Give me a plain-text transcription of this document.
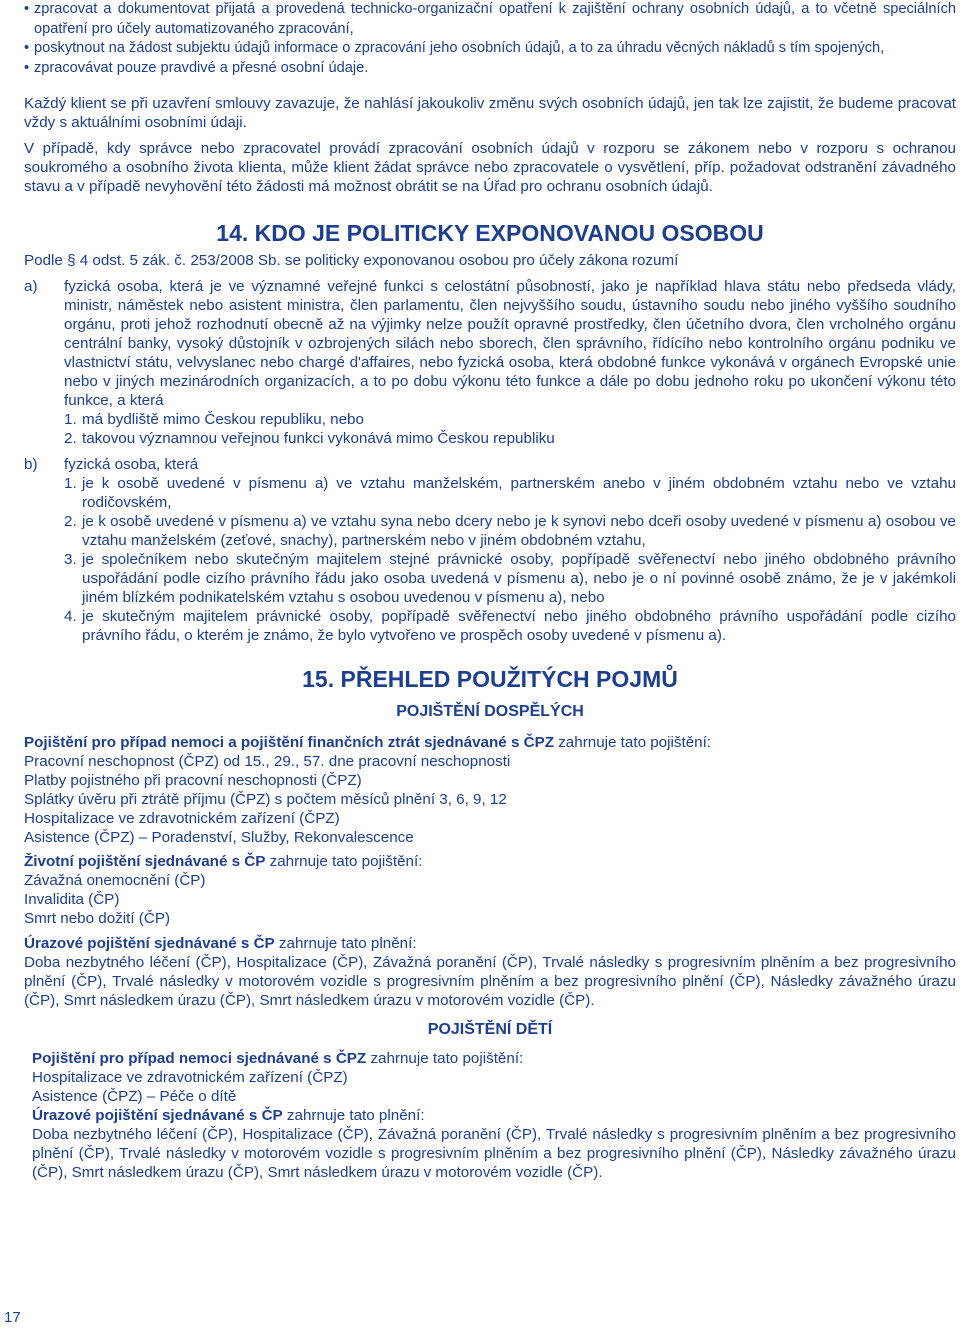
• zpracovat a dokumentovat přijatá a provedená technicko-organizační opatření k zajištění ochrany osobních údajů, a to včetně speciálních opatření pro účely automatizovaného zpracování,
• poskytnout na žádost subjektu údajů informace o zpracování jeho osobních údajů, a to za úhradu věcných nákladů s tím spojených,
• zpracovávat pouze pravdivé a přesné osobní údaje.

Každý klient se při uzavření smlouvy zavazuje, že nahlásí jakoukoliv změnu svých osobních údajů, jen tak lze zajistit, že budeme pracovat vždy s aktuálními osobními údaji.

V případě, kdy správce nebo zpracovatel provádí zpracování osobních údajů v rozporu se zákonem nebo v rozporu s ochranou soukromého a osobního života klienta, může klient žádat správce nebo zpracovatele o vysvětlení, příp. požadovat odstranění závadného stavu a v případě nevyhovění této žádosti má možnost obrátit se na Úřad pro ochranu osobních údajů.

14. KDO JE POLITICKY EXPONOVANOU OSOBOU

Podle § 4 odst. 5 zák. č. 253/2008 Sb. se politicky exponovanou osobou pro účely zákona rozumí

a) fyzická osoba, která je ve významné veřejné funkci s celostátní působností, jako je například hlava státu nebo předseda vlády, ministr, náměstek nebo asistent ministra, člen parlamentu, člen nejvyššího soudu, ústavního soudu nebo jiného vyššího soudního orgánu, proti jehož rozhodnutí obecně až na výjimky nelze použít opravné prostředky, člen účetního dvora, člen vrcholného orgánu centrální banky, vysoký důstojník v ozbrojených silách nebo sborech, člen správního, řídícího nebo kontrolního orgánu podniku ve vlastnictví státu, velvyslanec nebo chargé d'affaires, nebo fyzická osoba, která obdobné funkce vykonává v orgánech Evropské unie nebo v jiných mezinárodních organizacích, a to po dobu výkonu této funkce a dále po dobu jednoho roku po ukončení výkonu této funkce, a která

1. má bydliště mimo Českou republiku, nebo
2. takovou významnou veřejnou funkci vykonává mimo Českou republiku
b) fyzická osoba, která

1. je k osobě uvedené v písmenu a) ve vztahu manželském, partnerském anebo v jiném obdobném vztahu nebo ve vztahu rodičovském,
2. je k osobě uvedené v písmenu a) ve vztahu syna nebo dcery nebo je k synovi nebo dceři osoby uvedené v písmenu a) osobou ve vztahu manželském (zeťové, snachy), partnerském nebo v jiném obdobném vztahu,
3. je společníkem nebo skutečným majitelem stejné právnické osoby, popřípadě svěřenectví nebo jiného obdobného právního uspořádání podle cizího právního řádu jako osoba uvedená v písmenu a), nebo je o ní povinné osobě známo, že je v jakémkoli jiném blízkém podnikatelském vztahu s osobou uvedenou v písmenu a), nebo
4. je skutečným majitelem právnické osoby, popřípadě svěřenectví nebo jiného obdobného právního uspořádání podle cizího právního řádu, o kterém je známo, že bylo vytvořeno ve prospěch osoby uvedené v písmenu a).
15. PŘEHLED POUŽITÝCH POJMŮ
POJIŠTĚNÍ DOSPĚLÝCH

Pojištění pro případ nemoci a pojištění finančních ztrát sjednávané s ČPZ zahrnuje tato pojištění:

Pracovní neschopnost (ČPZ) od 15., 29., 57. dne pracovní neschopnosti

Platby pojistného při pracovní neschopnosti (ČPZ)

Splátky úvěru při ztrátě příjmu (ČPZ) s počtem měsíců plnění 3, 6, 9, 12

Hospitalizace ve zdravotnickém zařízení (ČPZ)

Asistence (ČPZ) – Poradenství, Služby, Rekonvalescence

Životní pojištění sjednávané s ČP zahrnuje tato pojištění:

Závažná onemocnění (ČP)

Invalidita (ČP)

Smrt nebo dožití (ČP)

Úrazové pojištění sjednávané s ČP zahrnuje tato plnění:

Doba nezbytného léčení (ČP), Hospitalizace (ČP), Závažná poranění (ČP), Trvalé následky s progresivním plněním a bez progresivního plnění (ČP), Trvalé následky v motorovém vozidle s progresivním plněním a bez progresivního plnění (ČP), Následky závažného úrazu (ČP), Smrt následkem úrazu (ČP), Smrt následkem úrazu v motorovém vozidle (ČP).

POJIŠTĚNÍ DĚTÍ

Pojištění pro případ nemoci sjednávané s ČPZ zahrnuje tato pojištění:

Hospitalizace ve zdravotnickém zařízení (ČPZ)

Asistence (ČPZ) – Péče o dítě

Úrazové pojištění sjednávané s ČP zahrnuje tato plnění:

Doba nezbytného léčení (ČP), Hospitalizace (ČP), Závažná poranění (ČP), Trvalé následky s progresivním plněním a bez progresivního plnění (ČP), Trvalé následky v motorovém vozidle s progresivním plněním a bez progresivního plnění (ČP), Následky závažného úrazu (ČP), Smrt následkem úrazu (ČP), Smrt následkem úrazu v motorovém vozidle (ČP).

17
